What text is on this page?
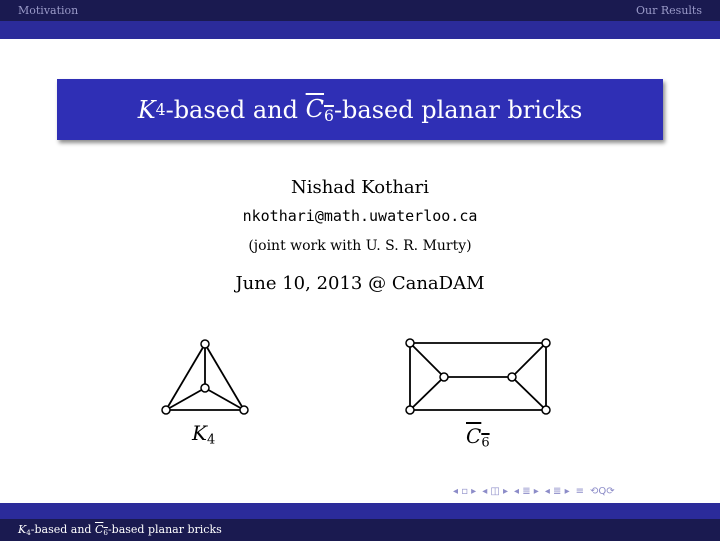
Motivation	Our Results
K 4 -based and $C_6$ -based planar bricks
Nishad Kothari
nkothari@math.uwaterloo.ca
(joint work with U. S. R. Murty)
June 10, 2013 @ CanaDAM
$K_4$	$C_6$
◂ ▫ ▸ ◂ ◫ ▸ ◂ ≣ ▸ ◂ ≣ ▸ ≡ ⟲Q⟳
$K_4$-based and $C_6$-based planar bricks
